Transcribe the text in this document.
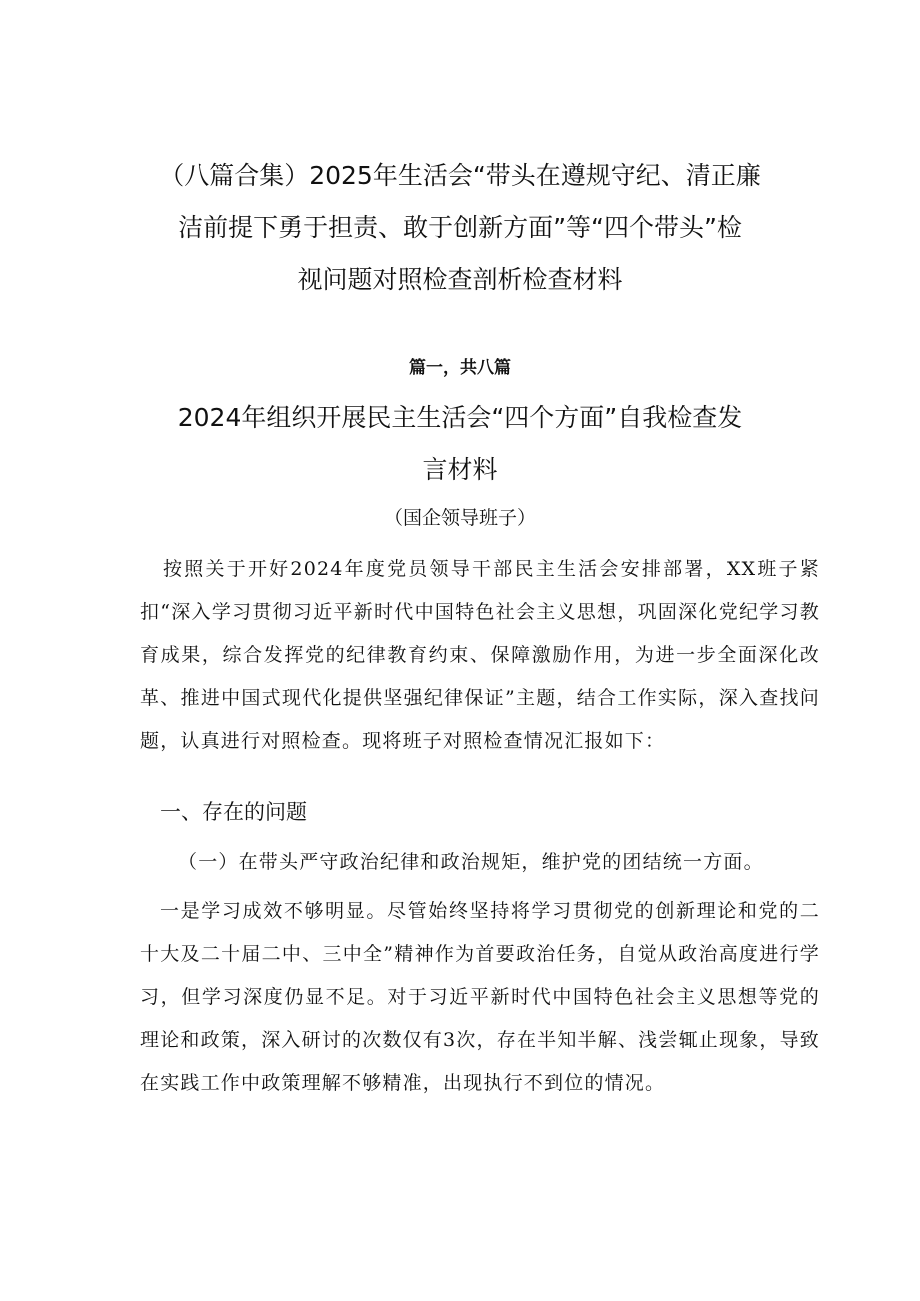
（八篇合集）2025年生活会“带头在遵规守纪、清正廉
洁前提下勇于担责、敢于创新方面”等“四个带头”检
视问题对照检查剖析检查材料
篇一，共八篇
2024年组织开展民主生活会“四个方面”自我检查发
言材料
（国企领导班子）

按照关于开好2024年度党员领导干部民主生活会安排部署，XX班子紧扣“深入学习贯彻习近平新时代中国特色社会主义思想，巩固深化党纪学习教育成果，综合发挥党的纪律教育约束、保障激励作用，为进一步全面深化改革、推进中国式现代化提供坚强纪律保证”主题，结合工作实际，深入查找问题，认真进行对照检查。现将班子对照检查情况汇报如下：

一、存在的问题

（一）在带头严守政治纪律和政治规矩，维护党的团结统一方面。

一是学习成效不够明显。尽管始终坚持将学习贯彻党的创新理论和党的二十大及二十届二中、三中全”精神作为首要政治任务，自觉从政治高度进行学习，但学习深度仍显不足。对于习近平新时代中国特色社会主义思想等党的理论和政策，深入研讨的次数仅有3次，存在半知半解、浅尝辄止现象，导致在实践工作中政策理解不够精准，出现执行不到位的情况。
